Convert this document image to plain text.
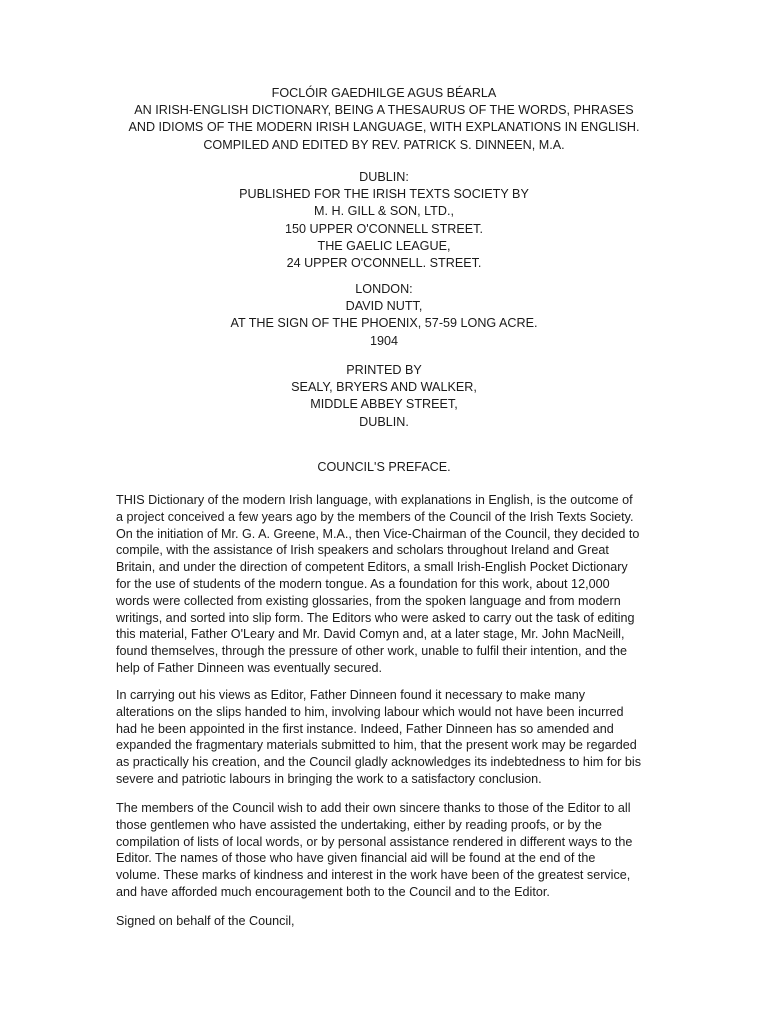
FOCLÓIR GAEDHILGE AGUS BÉARLA
AN IRISH-ENGLISH DICTIONARY, BEING A THESAURUS OF THE WORDS, PHRASES
AND IDIOMS OF THE MODERN IRISH LANGUAGE, WITH EXPLANATIONS IN ENGLISH.
COMPILED AND EDITED BY REV. PATRICK S. DINNEEN, M.A.
DUBLIN:
PUBLISHED FOR THE IRISH TEXTS SOCIETY BY
M. H. GILL & SON, LTD.,
150 UPPER O'CONNELL STREET.
THE GAELIC LEAGUE,
24 UPPER O'CONNELL. STREET.
LONDON:
DAVID NUTT,
AT THE SIGN OF THE PHOENIX, 57-59 LONG ACRE.
1904
PRINTED BY
SEALY, BRYERS AND WALKER,
MIDDLE ABBEY STREET,
DUBLIN.
COUNCIL'S PREFACE.
THIS Dictionary of the modern Irish language, with explanations in English, is the outcome of
a project conceived a few years ago by the members of the Council of the Irish Texts Society.
On the initiation of Mr. G. A. Greene, M.A., then Vice-Chairman of the Council, they decided to
compile, with the assistance of Irish speakers and scholars throughout Ireland and Great
Britain, and under the direction of competent Editors, a small Irish-English Pocket Dictionary
for the use of students of the modern tongue. As a foundation for this work, about 12,000
words were collected from existing glossaries, from the spoken language and from modern
writings, and sorted into slip form. The Editors who were asked to carry out the task of editing
this material, Father O'Leary and Mr. David Comyn and, at a later stage, Mr. John MacNeill,
found themselves, through the pressure of other work, unable to fulfil their intention, and the
help of Father Dinneen was eventually secured.
In carrying out his views as Editor, Father Dinneen found it necessary to make many
alterations on the slips handed to him, involving labour which would not have been incurred
had he been appointed in the first instance. Indeed, Father Dinneen has so amended and
expanded the fragmentary materials submitted to him, that the present work may be regarded
as practically his creation, and the Council gladly acknowledges its indebtedness to him for bis
severe and patriotic labours in bringing the work to a satisfactory conclusion.
The members of the Council wish to add their own sincere thanks to those of the Editor to all
those gentlemen who have assisted the undertaking, either by reading proofs, or by the
compilation of lists of local words, or by personal assistance rendered in different ways to the
Editor. The names of those who have given financial aid will be found at the end of the
volume. These marks of kindness and interest in the work have been of the greatest service,
and have afforded much encouragement both to the Council and to the Editor.
Signed on behalf of the Council,
